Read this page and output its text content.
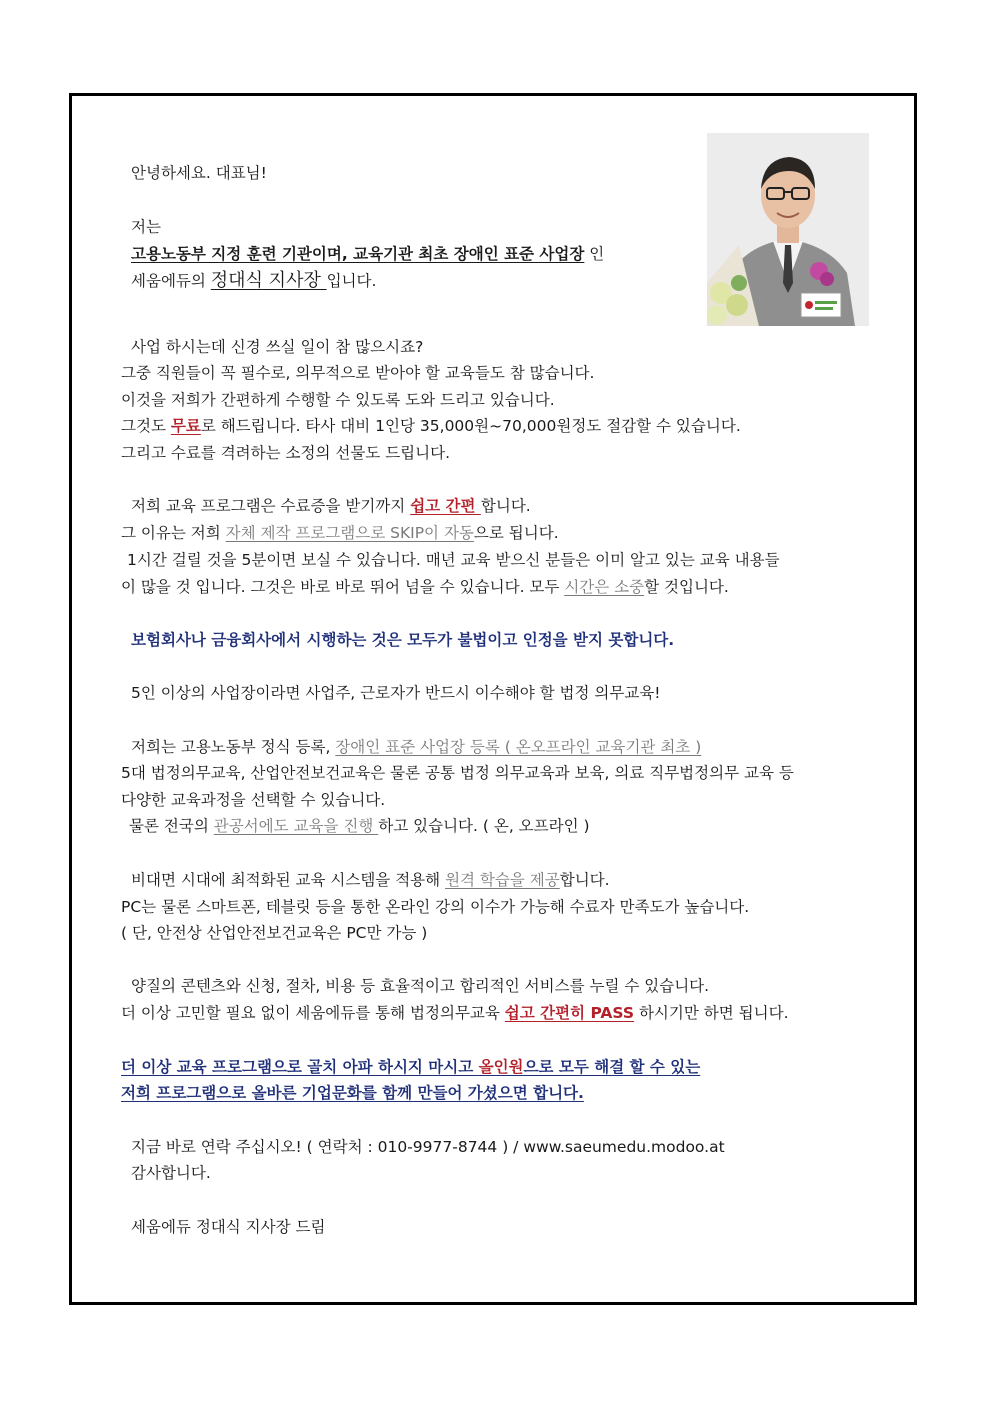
안녕하세요. 대표님!
저는
고용노동부 지정 훈련 기관이며, 교육기관 최초 장애인 표준 사업장 인
세움에듀의 정대식 지사장 입니다.
사업 하시는데 신경 쓰실 일이 참 많으시죠?
그중 직원들이 꼭 필수로, 의무적으로 받아야 할 교육들도 참 많습니다.
이것을 저희가 간편하게 수행할 수 있도록 도와 드리고 있습니다.
그것도 무료로 해드립니다. 타사 대비 1인당 35,000원~70,000원정도 절감할 수 있습니다.
그리고 수료를 격려하는 소정의 선물도 드립니다.
저희 교육 프로그램은 수료증을 받기까지 쉽고 간편 합니다.
그 이유는 저희 자체 제작 프로그램으로 SKIP이 자동으로 됩니다.
1시간 걸릴 것을 5분이면 보실 수 있습니다. 매년 교육 받으신 분들은 이미 알고 있는 교육 내용들
이 많을 것 입니다. 그것은 바로 바로 뛰어 넘을 수 있습니다. 모두 시간은 소중할 것입니다.
보험회사나 금융회사에서 시행하는 것은 모두가 불법이고 인정을 받지 못합니다.
5인 이상의 사업장이라면 사업주, 근로자가 반드시 이수해야 할 법정 의무교육!
저희는 고용노동부 정식 등록, 장애인 표준 사업장 등록 ( 온오프라인 교육기관 최초 )
5대 법정의무교육, 산업안전보건교육은 물론 공통 법정 의무교육과 보육, 의료 직무법정의무 교육 등
다양한 교육과정을 선택할 수 있습니다.
물론 전국의 관공서에도 교육을 진행 하고 있습니다. ( 온, 오프라인 )
비대면 시대에 최적화된 교육 시스템을 적용해 원격 학습을 제공합니다.
PC는 물론 스마트폰, 테블릿 등을 통한 온라인 강의 이수가 가능해 수료자 만족도가 높습니다.
( 단, 안전상 산업안전보건교육은 PC만 가능 )
양질의 콘텐츠와 신청, 절차, 비용 등 효율적이고 합리적인 서비스를 누릴 수 있습니다.
더 이상 고민할 필요 없이 세움에듀를 통해 법정의무교육 쉽고 간편히 PASS 하시기만 하면 됩니다.
더 이상 교육 프로그램으로 골치 아파 하시지 마시고 올인원으로 모두 해결 할 수 있는
저희 프로그램으로 올바른 기업문화를 함께 만들어 가셨으면 합니다.
지금 바로 연락 주십시오! ( 연락처 : 010-9977-8744 ) / www.saeumedu.modoo.at
감사합니다.
세움에듀 정대식 지사장 드림
